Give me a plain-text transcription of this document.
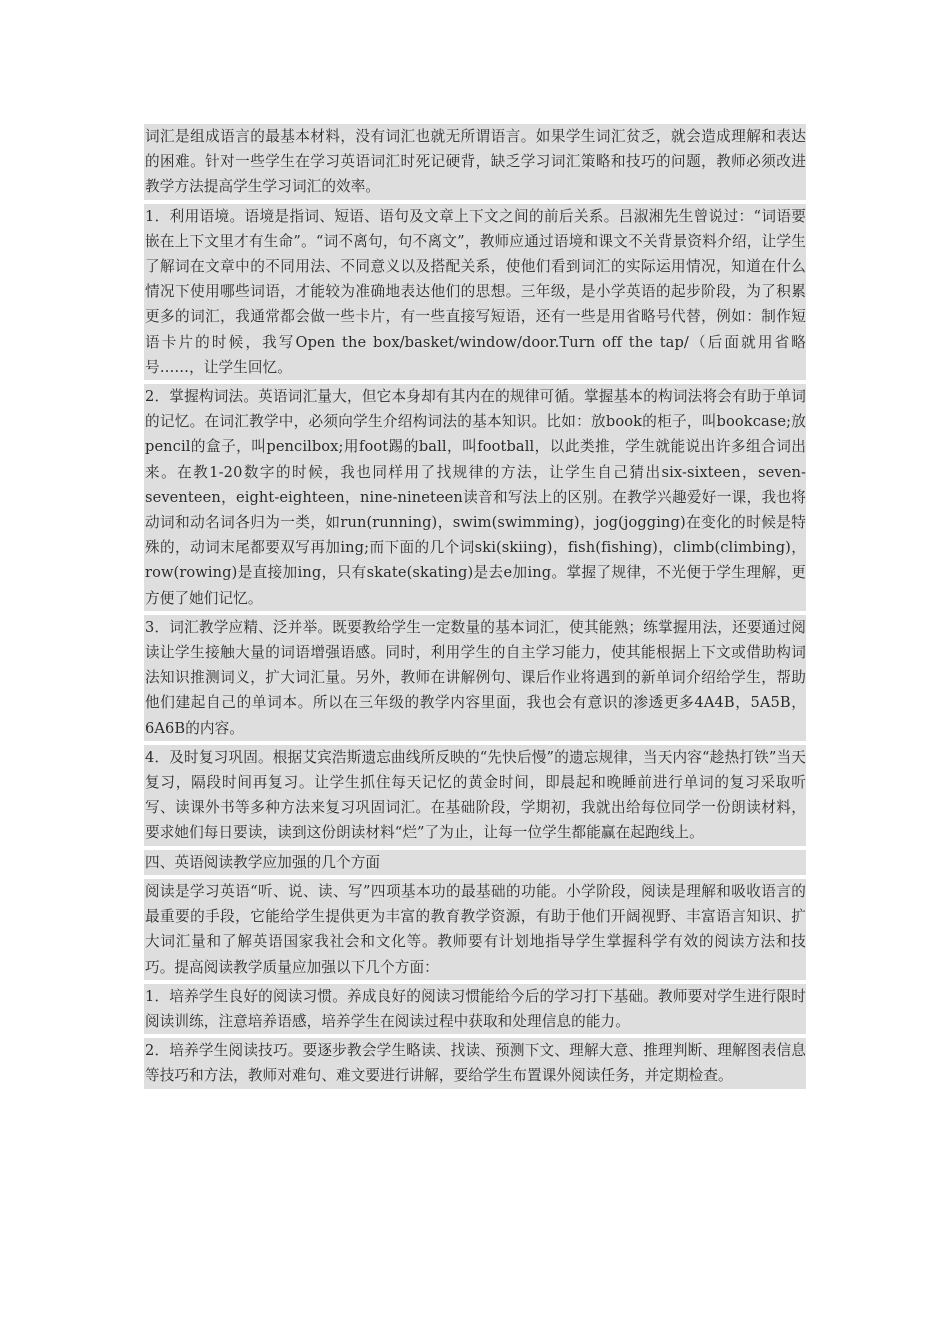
词汇是组成语言的最基本材料，没有词汇也就无所谓语言。如果学生词汇贫乏，就会造成理解和表达的困难。针对一些学生在学习英语词汇时死记硬背，缺乏学习词汇策略和技巧的问题，教师必须改进教学方法提高学生学习词汇的效率。

1．利用语境。语境是指词、短语、语句及文章上下文之间的前后关系。吕淑湘先生曾说过：“词语要嵌在上下文里才有生命”。“词不离句，句不离文”，教师应通过语境和课文不关背景资料介绍，让学生了解词在文章中的不同用法、不同意义以及搭配关系，使他们看到词汇的实际运用情况，知道在什么情况下使用哪些词语，才能较为准确地表达他们的思想。三年级，是小学英语的起步阶段，为了积累更多的词汇，我通常都会做一些卡片，有一些直接写短语，还有一些是用省略号代替，例如：制作短语卡片的时候，我写Open the box/basket/window/door.Turn off the tap/（后面就用省略号……，让学生回忆。

2．掌握构词法。英语词汇量大，但它本身却有其内在的规律可循。掌握基本的构词法将会有助于单词的记忆。在词汇教学中，必须向学生介绍构词法的基本知识。比如：放book的柜子，叫bookcase;放pencil的盒子，叫pencilbox;用foot踢的ball，叫football，以此类推，学生就能说出许多组合词出来。在教1-20数字的时候，我也同样用了找规律的方法，让学生自己猜出six-sixteen，seven-seventeen，eight-eighteen，nine-nineteen读音和写法上的区别。在教学兴趣爱好一课，我也将动词和动名词各归为一类，如run(running)，swim(swimming)，jog(jogging)在变化的时候是特殊的，动词末尾都要双写再加ing;而下面的几个词ski(skiing)，fish(fishing)，climb(climbing)，row(rowing)是直接加ing，只有skate(skating)是去e加ing。掌握了规律，不光便于学生理解，更方便了她们记忆。

3．词汇教学应精、泛并举。既要教给学生一定数量的基本词汇，使其能熟；练掌握用法，还要通过阅读让学生接触大量的词语增强语感。同时，利用学生的自主学习能力，使其能根据上下文或借助构词法知识推测词义，扩大词汇量。另外，教师在讲解例句、课后作业将遇到的新单词介绍给学生，帮助他们建起自己的单词本。所以在三年级的教学内容里面，我也会有意识的渗透更多4A4B，5A5B，6A6B的内容。

4．及时复习巩固。根据艾宾浩斯遗忘曲线所反映的“先快后慢”的遗忘规律，当天内容“趁热打铁”当天复习，隔段时间再复习。让学生抓住每天记忆的黄金时间，即晨起和晚睡前进行单词的复习采取听写、读课外书等多种方法来复习巩固词汇。在基础阶段，学期初，我就出给每位同学一份朗读材料，要求她们每日要读，读到这份朗读材料“烂”了为止，让每一位学生都能赢在起跑线上。

四、英语阅读教学应加强的几个方面

阅读是学习英语“听、说、读、写”四项基本功的最基础的功能。小学阶段，阅读是理解和吸收语言的最重要的手段，它能给学生提供更为丰富的教育教学资源，有助于他们开阔视野、丰富语言知识、扩大词汇量和了解英语国家我社会和文化等。教师要有计划地指导学生掌握科学有效的阅读方法和技巧。提高阅读教学质量应加强以下几个方面：

1．培养学生良好的阅读习惯。养成良好的阅读习惯能给今后的学习打下基础。教师要对学生进行限时阅读训练，注意培养语感，培养学生在阅读过程中获取和处理信息的能力。

2．培养学生阅读技巧。要逐步教会学生略读、找读、预测下文、理解大意、推理判断、理解图表信息等技巧和方法，教师对难句、难文要进行讲解，要给学生布置课外阅读任务，并定期检查。
